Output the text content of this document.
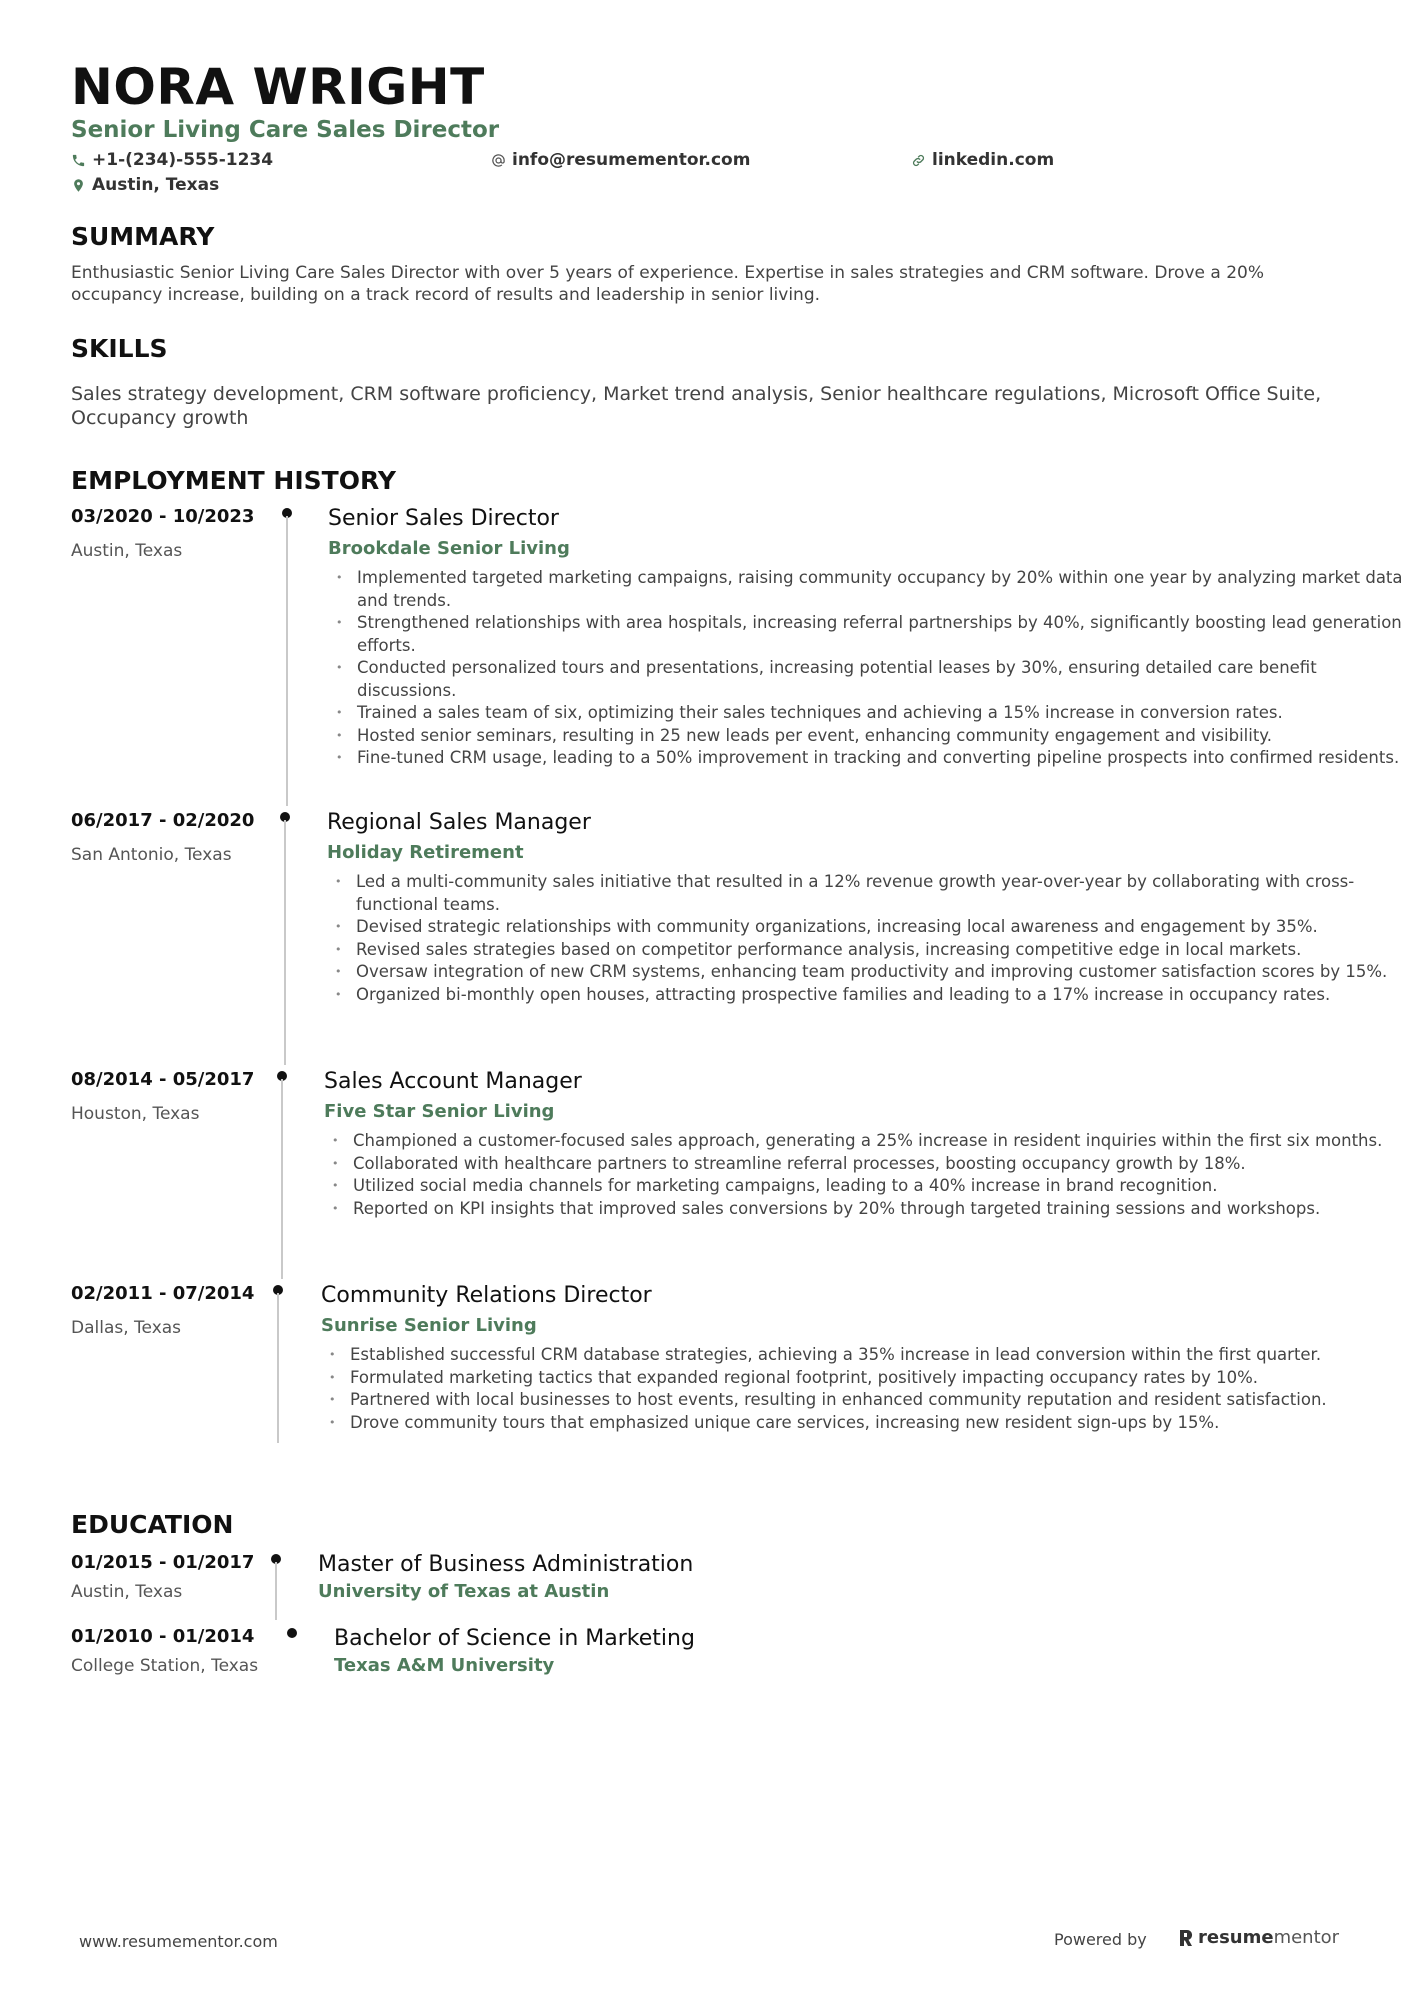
NORA WRIGHT
Senior Living Care Sales Director
+1-(234)-555-1234	info@resumementor.com	linkedin.com
Austin, Texas
SUMMARY
Enthusiastic Senior Living Care Sales Director with over 5 years of experience. Expertise in sales strategies and CRM software. Drove a 20% occupancy increase, building on a track record of results and leadership in senior living.
SKILLS
Sales strategy development, CRM software proficiency, Market trend analysis, Senior healthcare regulations, Microsoft Office Suite, Occupancy growth
EMPLOYMENT HISTORY
03/2020 - 10/2023
Austin, Texas
Senior Sales Director
Brookdale Senior Living
• Implemented targeted marketing campaigns, raising community occupancy by 20% within one year by analyzing market data and trends.
• Strengthened relationships with area hospitals, increasing referral partnerships by 40%, significantly boosting lead generation efforts.
• Conducted personalized tours and presentations, increasing potential leases by 30%, ensuring detailed care benefit discussions.
• Trained a sales team of six, optimizing their sales techniques and achieving a 15% increase in conversion rates.
• Hosted senior seminars, resulting in 25 new leads per event, enhancing community engagement and visibility.
• Fine-tuned CRM usage, leading to a 50% improvement in tracking and converting pipeline prospects into confirmed residents.
06/2017 - 02/2020
San Antonio, Texas
Regional Sales Manager
Holiday Retirement
• Led a multi-community sales initiative that resulted in a 12% revenue growth year-over-year by collaborating with cross-functional teams.
• Devised strategic relationships with community organizations, increasing local awareness and engagement by 35%.
• Revised sales strategies based on competitor performance analysis, increasing competitive edge in local markets.
• Oversaw integration of new CRM systems, enhancing team productivity and improving customer satisfaction scores by 15%.
• Organized bi-monthly open houses, attracting prospective families and leading to a 17% increase in occupancy rates.
08/2014 - 05/2017
Houston, Texas
Sales Account Manager
Five Star Senior Living
• Championed a customer-focused sales approach, generating a 25% increase in resident inquiries within the first six months.
• Collaborated with healthcare partners to streamline referral processes, boosting occupancy growth by 18%.
• Utilized social media channels for marketing campaigns, leading to a 40% increase in brand recognition.
• Reported on KPI insights that improved sales conversions by 20% through targeted training sessions and workshops.
02/2011 - 07/2014
Dallas, Texas
Community Relations Director
Sunrise Senior Living
• Established successful CRM database strategies, achieving a 35% increase in lead conversion within the first quarter.
• Formulated marketing tactics that expanded regional footprint, positively impacting occupancy rates by 10%.
• Partnered with local businesses to host events, resulting in enhanced community reputation and resident satisfaction.
• Drove community tours that emphasized unique care services, increasing new resident sign-ups by 15%.
EDUCATION
01/2015 - 01/2017
Austin, Texas
Master of Business Administration
University of Texas at Austin
01/2010 - 01/2014
College Station, Texas
Bachelor of Science in Marketing
Texas A&M University
www.resumementor.com	Powered by	resume mentor
